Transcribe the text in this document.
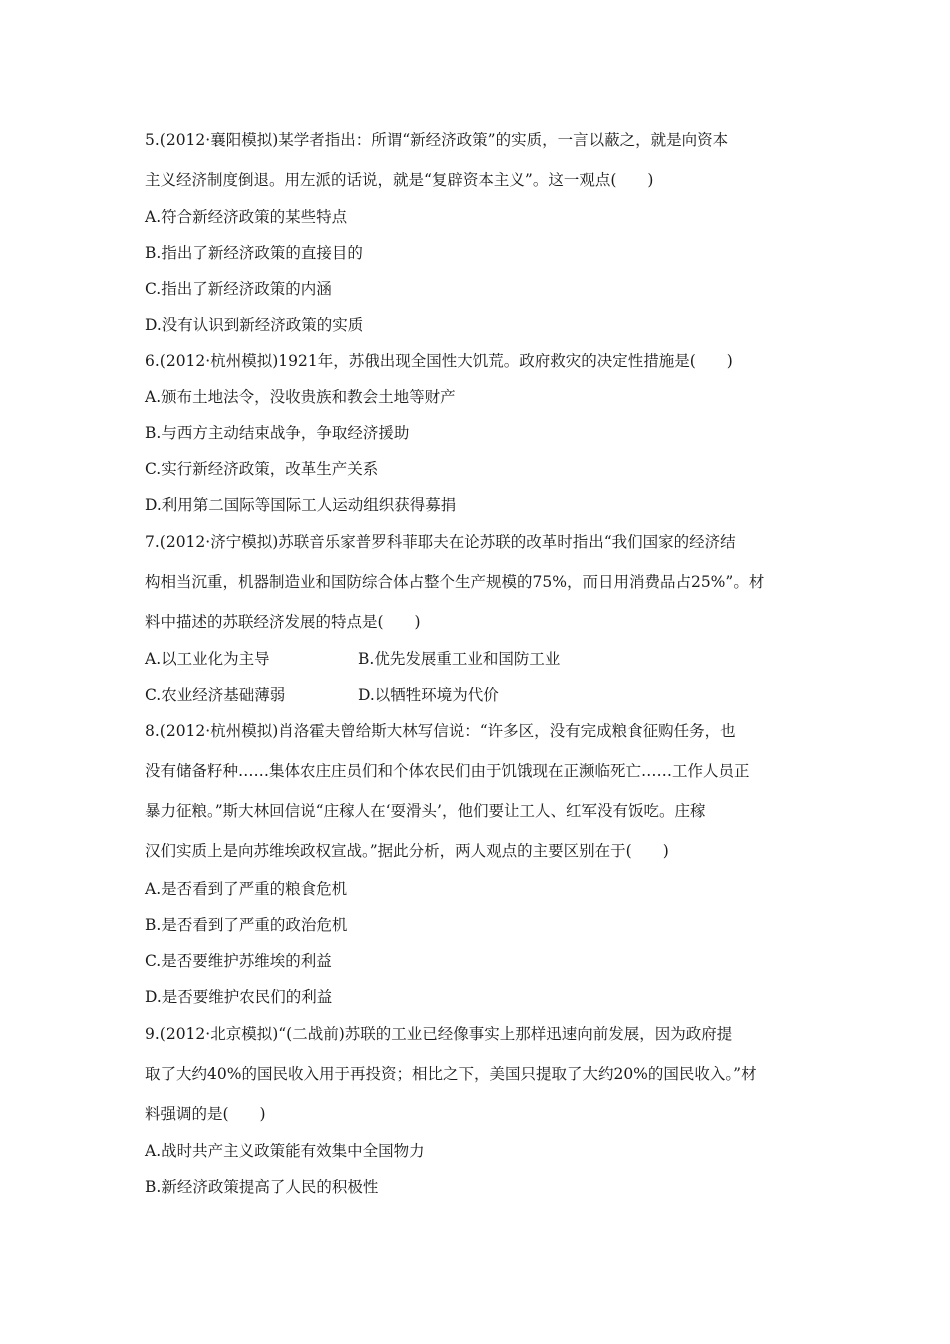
5.(2012·襄阳模拟)某学者指出：所谓“新经济政策”的实质，一言以蔽之，就是向资本
主义经济制度倒退。用左派的话说，就是“复辟资本主义”。这一观点(　　)
A.符合新经济政策的某些特点
B.指出了新经济政策的直接目的
C.指出了新经济政策的内涵
D.没有认识到新经济政策的实质
6.(2012·杭州模拟)1921年，苏俄出现全国性大饥荒。政府救灾的决定性措施是(　　)
A.颁布土地法令，没收贵族和教会土地等财产
B.与西方主动结束战争，争取经济援助
C.实行新经济政策，改革生产关系
D.利用第二国际等国际工人运动组织获得募捐
7.(2012·济宁模拟)苏联音乐家普罗科菲耶夫在论苏联的改革时指出“我们国家的经济结
构相当沉重，机器制造业和国防综合体占整个生产规模的75%，而日用消费品占25%”。材
料中描述的苏联经济发展的特点是(　　)
A.以工业化为主导	B.优先发展重工业和国防工业
C.农业经济基础薄弱	D.以牺牲环境为代价
8.(2012·杭州模拟)肖洛霍夫曾给斯大林写信说：“许多区，没有完成粮食征购任务，也
没有储备籽种……集体农庄庄员们和个体农民们由于饥饿现在正濒临死亡……工作人员正
暴力征粮。”斯大林回信说“庄稼人在‘耍滑头’，他们要让工人、红军没有饭吃。庄稼
汉们实质上是向苏维埃政权宣战。”据此分析，两人观点的主要区别在于(　　)
A.是否看到了严重的粮食危机
B.是否看到了严重的政治危机
C.是否要维护苏维埃的利益
D.是否要维护农民们的利益
9.(2012·北京模拟)“(二战前)苏联的工业已经像事实上那样迅速向前发展，因为政府提
取了大约40%的国民收入用于再投资；相比之下，美国只提取了大约20%的国民收入。”材
料强调的是(　　)
A.战时共产主义政策能有效集中全国物力
B.新经济政策提高了人民的积极性
